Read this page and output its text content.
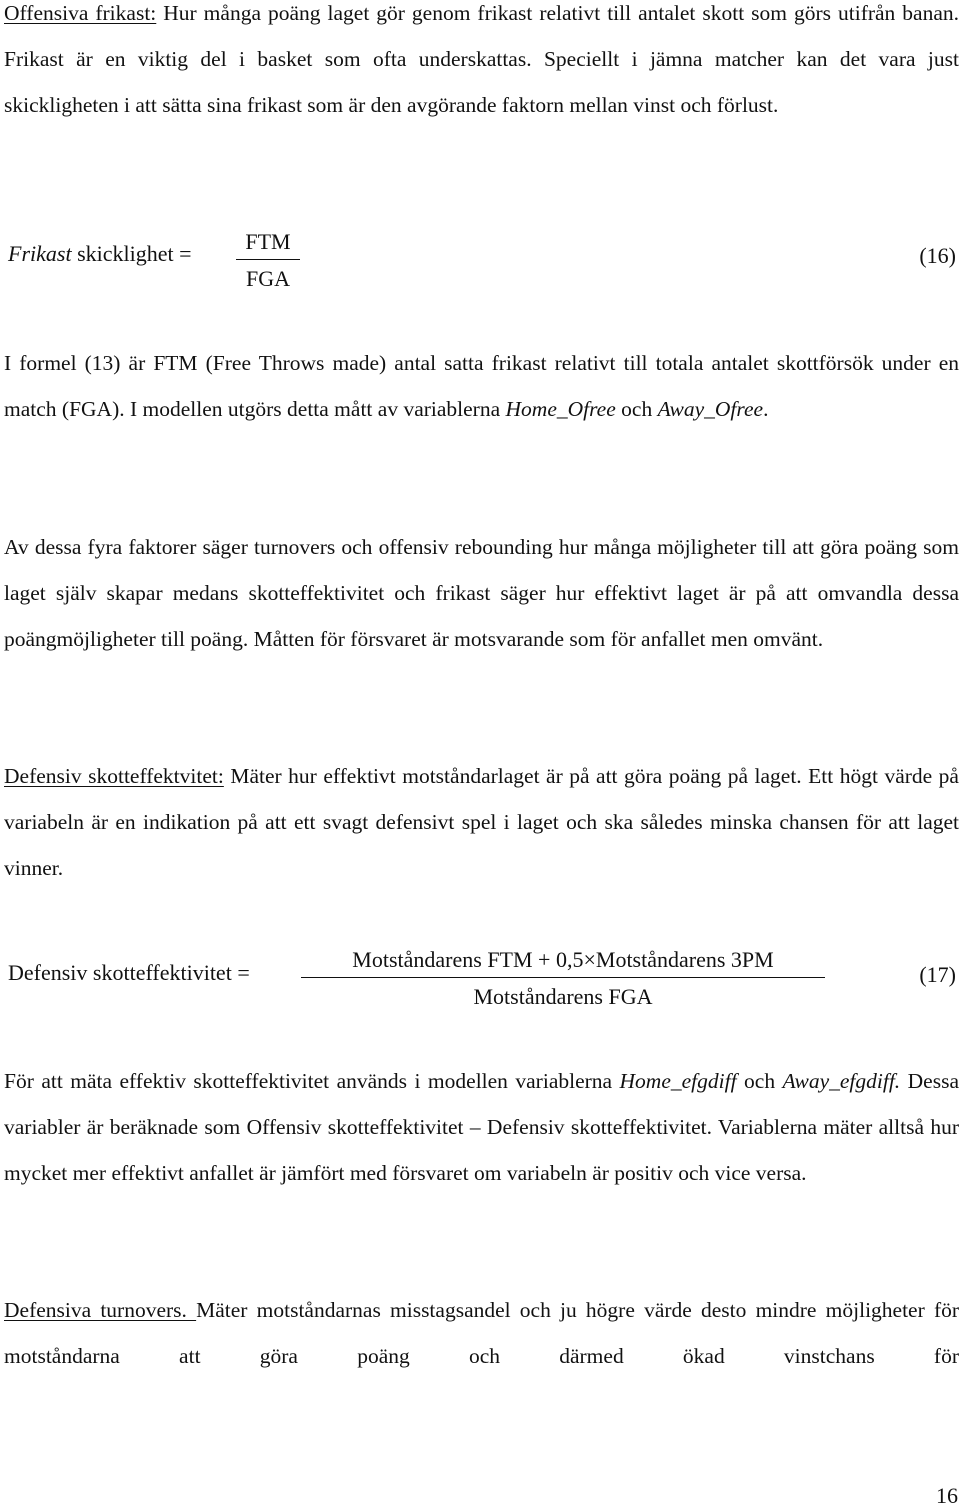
Offensiva frikast: Hur många poäng laget gör genom frikast relativt till antalet skott som görs utifrån banan. Frikast är en viktig del i basket som ofta underskattas. Speciellt i jämna matcher kan det vara just skickligheten i att sätta sina frikast som är den avgörande faktorn mellan vinst och förlust.

Frikast skicklighet = FTM
FGA
(16)

I formel (13) är FTM (Free Throws made) antal satta frikast relativt till totala antalet skottförsök under en match (FGA). I modellen utgörs detta mått av variablerna Home_Ofree och Away_Ofree.

Av dessa fyra faktorer säger turnovers och offensiv rebounding hur många möjligheter till att göra poäng som laget själv skapar medans skotteffektivitet och frikast säger hur effektivt laget är på att omvandla dessa poängmöjligheter till poäng. Måtten för försvaret är motsvarande som för anfallet men omvänt.

Defensiv skotteffektvitet: Mäter hur effektivt motståndarlaget är på att göra poäng på laget. Ett högt värde på variabeln är en indikation på att ett svagt defensivt spel i laget och ska således minska chansen för att laget vinner.

Defensiv skotteffektivitet =
Motståndarens FTM + 0,5×Motståndarens 3PM
Motståndarens FGA
(17)

För att mäta effektiv skotteffektivitet används i modellen variablerna Home_efgdiff och Away_efgdiff. Dessa variabler är beräknade som Offensiv skotteffektivitet – Defensiv skotteffektivitet. Variablerna mäter alltså hur mycket mer effektivt anfallet är jämfört med försvaret om variabeln är positiv och vice versa.

Defensiva turnovers. Mäter motståndarnas misstagsandel och ju högre värde desto mindre möjligheter för motståndarna att göra poäng och därmed ökad vinstchans för

16
